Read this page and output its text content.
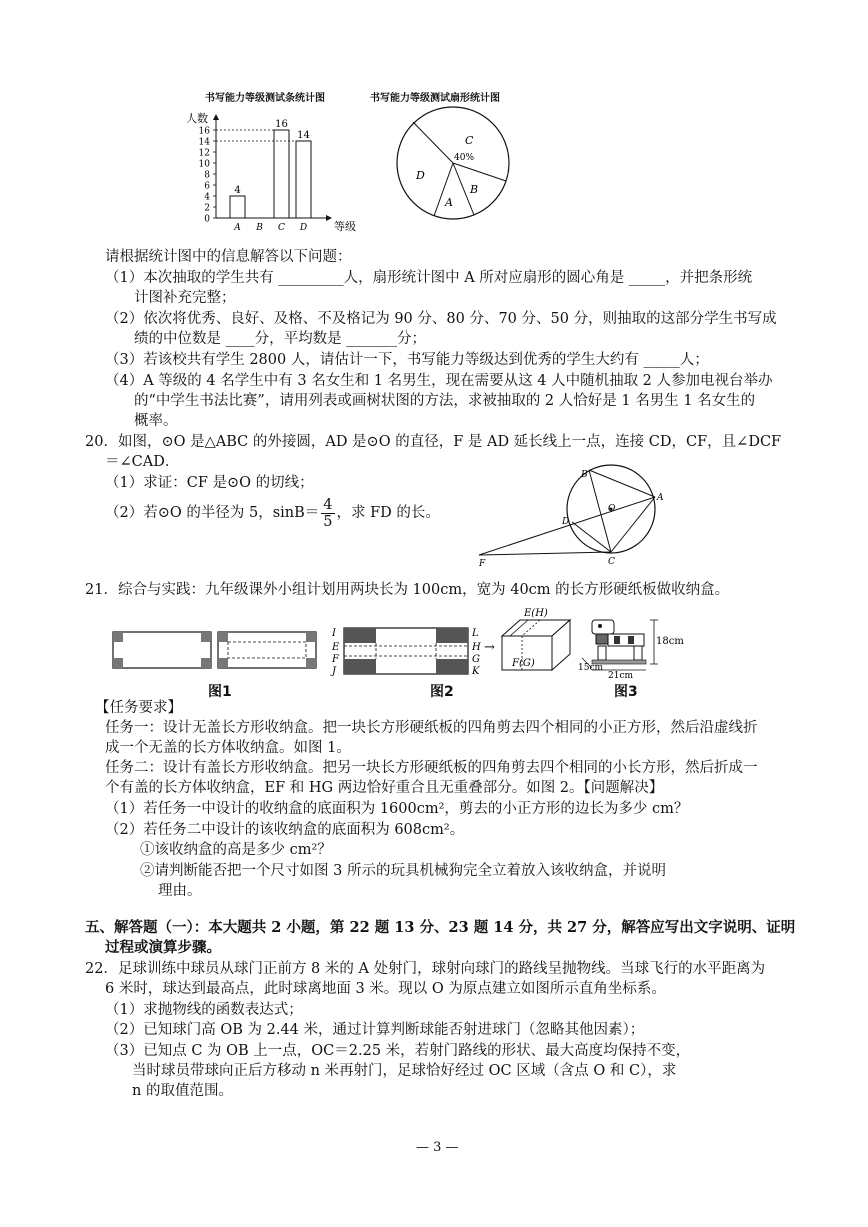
书写能力等级测试条统计图	书写能力等级测试扇形统计图
人数
等级
0
2
4
6
8
10
12
14
16
A
4
B C
16
D
14	C
40%
B
A
D
请根据统计图中的信息解答以下问题：
（1）本次抽取的学生共有 _________人，扇形统计图中 A 所对应扇形的圆心角是 _____，并把条形统
计图补充完整；
（2）依次将优秀、良好、及格、不及格记为 90 分、80 分、70 分、50 分，则抽取的这部分学生书写成
绩的中位数是 ____分，平均数是 _______分；
（3）若该校共有学生 2800 人，请估计一下，书写能力等级达到优秀的学生大约有 _____人；
（4）A 等级的 4 名学生中有 3 名女生和 1 名男生，现在需要从这 4 人中随机抽取 2 人参加电视台举办
的“中学生书法比赛”，请用列表或画树状图的方法，求被抽取的 2 人恰好是 1 名男生 1 名女生的
概率。
20．如图，⊙O 是△ABC 的外接圆，AD 是⊙O 的直径，F 是 AD 延长线上一点，连接 CD，CF，且∠DCF
＝∠CAD．
（1）求证：CF 是⊙O 的切线；
（2）若⊙O 的半径为 5，$\sin B= \frac{4}{5}$ ，求 FD 的长。
B
A
O
D
C
F
21．综合与实践：九年级课外小组计划用两块长为 100cm，宽为 40cm 的长方形硬纸板做收纳盒。
I
E
F
J
L
H
G
K
→
E(H)
F(G)
18cm
15cm
21cm
图1	图2	图3
【任务要求】
任务一：设计无盖长方形收纳盒。把一块长方形硬纸板的四角剪去四个相同的小正方形，然后沿虚线折
成一个无盖的长方体收纳盒。如图 1。
任务二：设计有盖长方形收纳盒。把另一块长方形硬纸板的四角剪去四个相同的小长方形，然后折成一
个有盖的长方体收纳盒，EF 和 HG 两边恰好重合且无重叠部分。如图 2。【问题解决】
（1）若任务一中设计的收纳盒的底面积为 1600cm²，剪去的小正方形的边长为多少 cm？
（2）若任务二中设计的该收纳盒的底面积为 608cm²。
①该收纳盒的高是多少 cm²？
②请判断能否把一个尺寸如图 3 所示的玩具机械狗完全立着放入该收纳盒，并说明
理由。
五、解答题（一）：本大题共 2 小题，第 22 题 13 分、23 题 14 分，共 27 分，解答应写出文字说明、证明
过程或演算步骤。
22．足球训练中球员从球门正前方 8 米的 A 处射门，球射向球门的路线呈抛物线。当球飞行的水平距离为
6 米时，球达到最高点，此时球离地面 3 米。现以 O 为原点建立如图所示直角坐标系。
（1）求抛物线的函数表达式；
（2）已知球门高 OB 为 2.44 米，通过计算判断球能否射进球门（忽略其他因素）；
（3）已知点 C 为 OB 上一点，OC＝2.25 米，若射门路线的形状、最大高度均保持不变，
当时球员带球向正后方移动 n 米再射门，足球恰好经过 OC 区域（含点 O 和 C），求
n 的取值范围。
— 3 —
